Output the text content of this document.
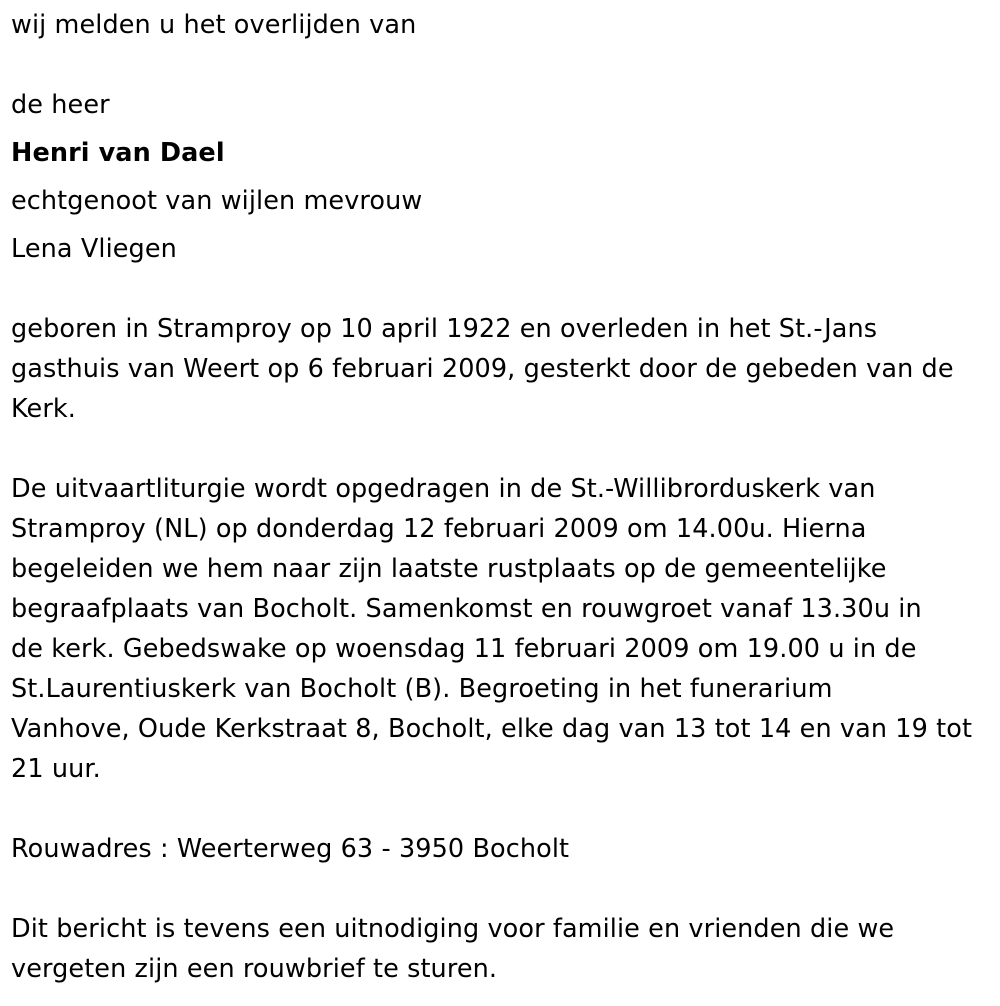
wij melden u het overlijden van
de heer
Henri van Dael
echtgenoot van wijlen mevrouw
Lena Vliegen
geboren in Stramproy op 10 april 1922 en overleden in het St.-Jans
gasthuis van Weert op 6 februari 2009, gesterkt door de gebeden van de
Kerk.
De uitvaartliturgie wordt opgedragen in de St.-Willibrorduskerk van
Stramproy (NL) op donderdag 12 februari 2009 om 14.00u. Hierna
begeleiden we hem naar zijn laatste rustplaats op de gemeentelijke
begraafplaats van Bocholt. Samenkomst en rouwgroet vanaf 13.30u in
de kerk. Gebedswake op woensdag 11 februari 2009 om 19.00 u in de
St.Laurentiuskerk van Bocholt (B). Begroeting in het funerarium
Vanhove, Oude Kerkstraat 8, Bocholt, elke dag van 13 tot 14 en van 19 tot
21 uur.
Rouwadres : Weerterweg 63 - 3950 Bocholt
Dit bericht is tevens een uitnodiging voor familie en vrienden die we
vergeten zijn een rouwbrief te sturen.
